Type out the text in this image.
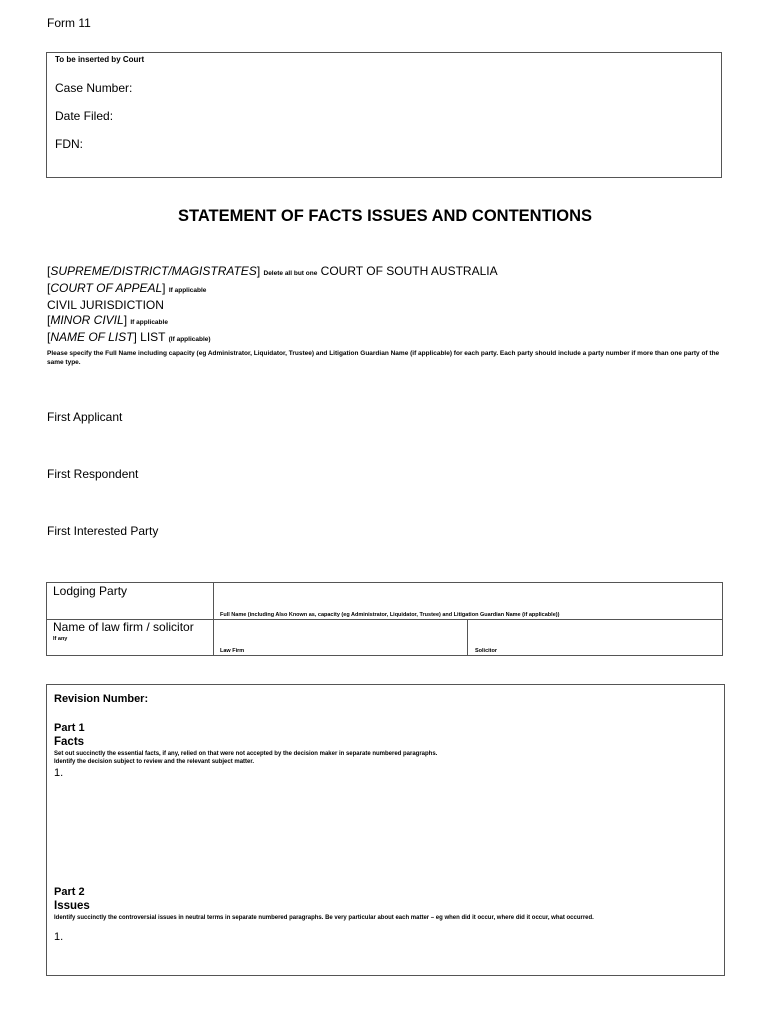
Form 11
To be inserted by Court
Case Number:
Date Filed:
FDN:
STATEMENT OF FACTS ISSUES AND CONTENTIONS
[SUPREME/DISTRICT/MAGISTRATES] Delete all but one COURT OF SOUTH AUSTRALIA
[COURT OF APPEAL] If applicable
CIVIL JURISDICTION
[MINOR CIVIL] If applicable
[NAME OF LIST] LIST (If applicable)
Please specify the Full Name including capacity (eg Administrator, Liquidator, Trustee) and Litigation Guardian Name (if applicable) for each party. Each party should include a party number if more than one party of the same type.
First Applicant
First Respondent
First Interested Party
Lodging Party
Full Name (including Also Known as, capacity (eg Administrator, Liquidator, Trustee) and Litigation Guardian Name (if applicable))
Name of law firm / solicitor
If any
Law Firm	Solicitor
Revision Number:
Part 1
Facts
Set out succinctly the essential facts, if any, relied on that were not accepted by the decision maker in separate numbered paragraphs.
Identify the decision subject to review and the relevant subject matter.
1.
Part 2
Issues
Identify succinctly the controversial issues in neutral terms in separate numbered paragraphs. Be very particular about each matter – eg when did it occur, where did it occur, what occurred.
1.
